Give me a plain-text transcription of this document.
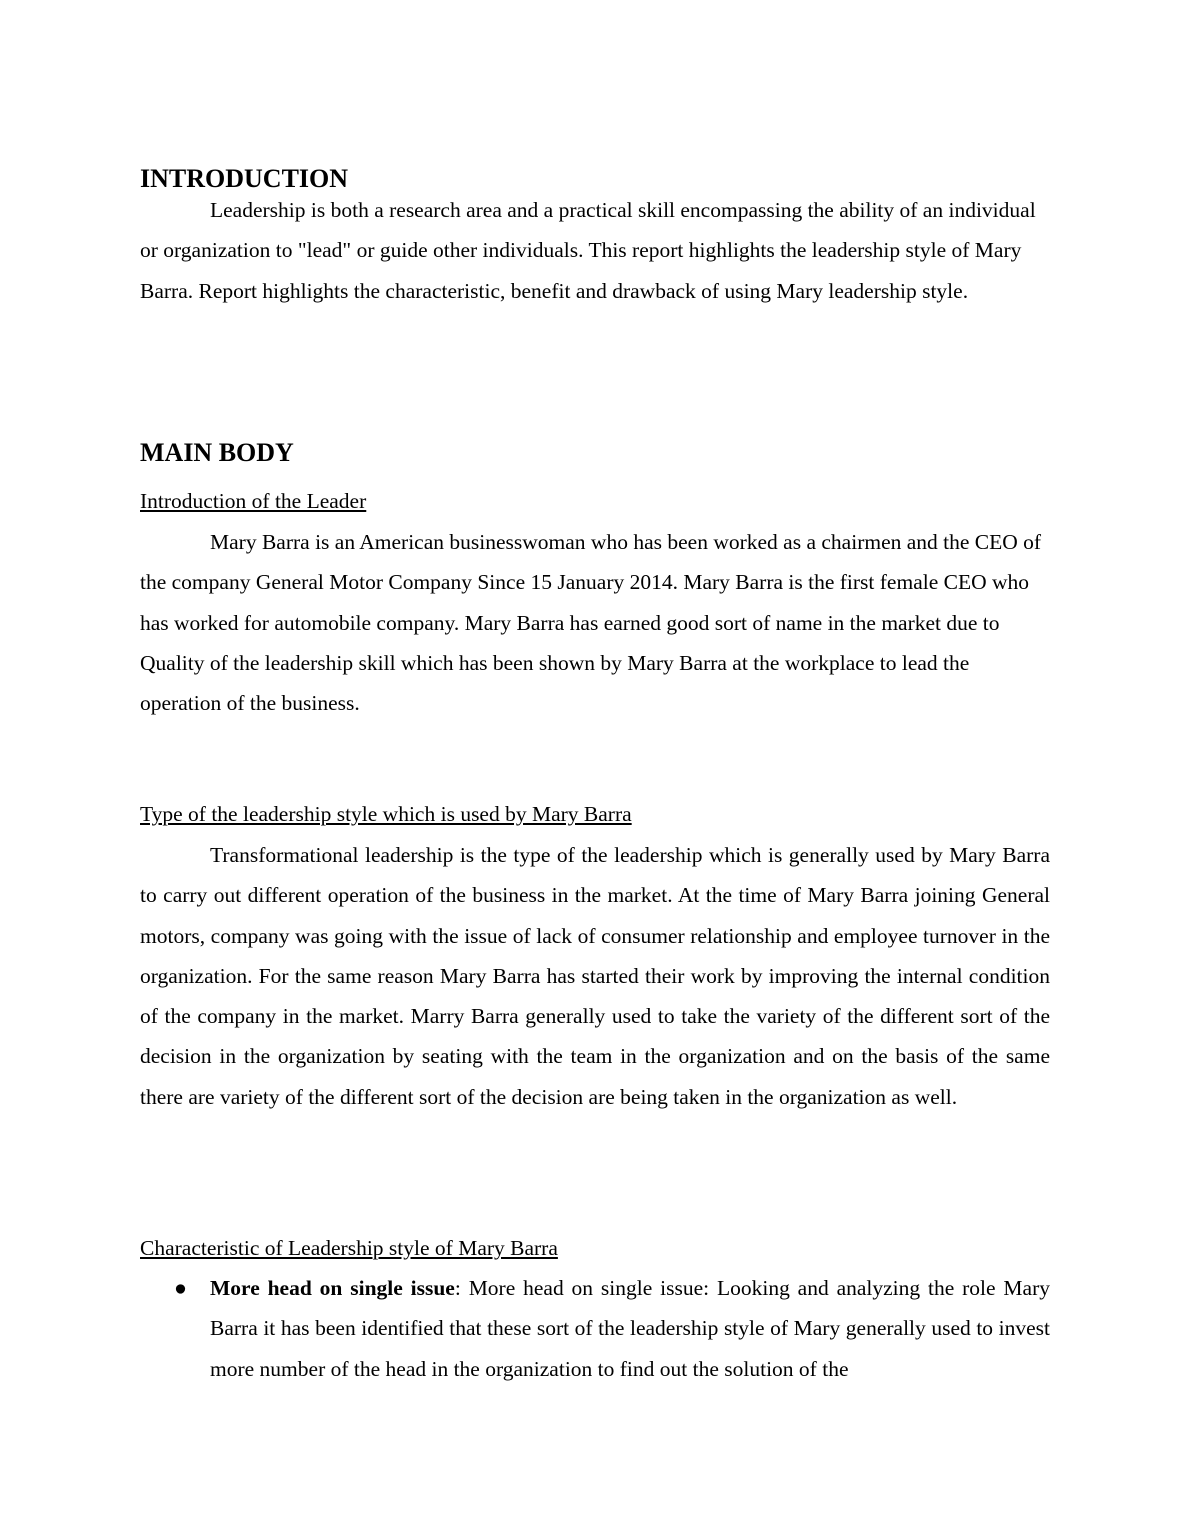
INTRODUCTION

Leadership is both a research area and a practical skill encompassing the ability of an individual or organization to "lead" or guide other individuals. This report highlights the leadership style of Mary Barra. Report highlights the characteristic, benefit and drawback of using Mary leadership style.

MAIN BODY
Introduction of the Leader

Mary Barra is an American businesswoman who has been worked as a chairmen and the CEO of the company General Motor Company Since 15 January 2014. Mary Barra is the first female CEO who has worked for automobile company. Mary Barra has earned good sort of name in the market due to Quality of the leadership skill which has been shown by Mary Barra at the workplace to lead the operation of the business.

Type of the leadership style which is used by Mary Barra

Transformational leadership is the type of the leadership which is generally used by Mary Barra to carry out different operation of the business in the market. At the time of Mary Barra joining General motors, company was going with the issue of lack of consumer relationship and employee turnover in the organization. For the same reason Mary Barra has started their work by improving the internal condition of the company in the market. Marry Barra generally used to take the variety of the different sort of the decision in the organization by seating with the team in the organization and on the basis of the same there are variety of the different sort of the decision are being taken in the organization as well.

Characteristic of Leadership style of Mary Barra
● More head on single issue: More head on single issue: Looking and analyzing the role Mary Barra it has been identified that these sort of the leadership style of Mary generally used to invest more number of the head in the organization to find out the solution of the
